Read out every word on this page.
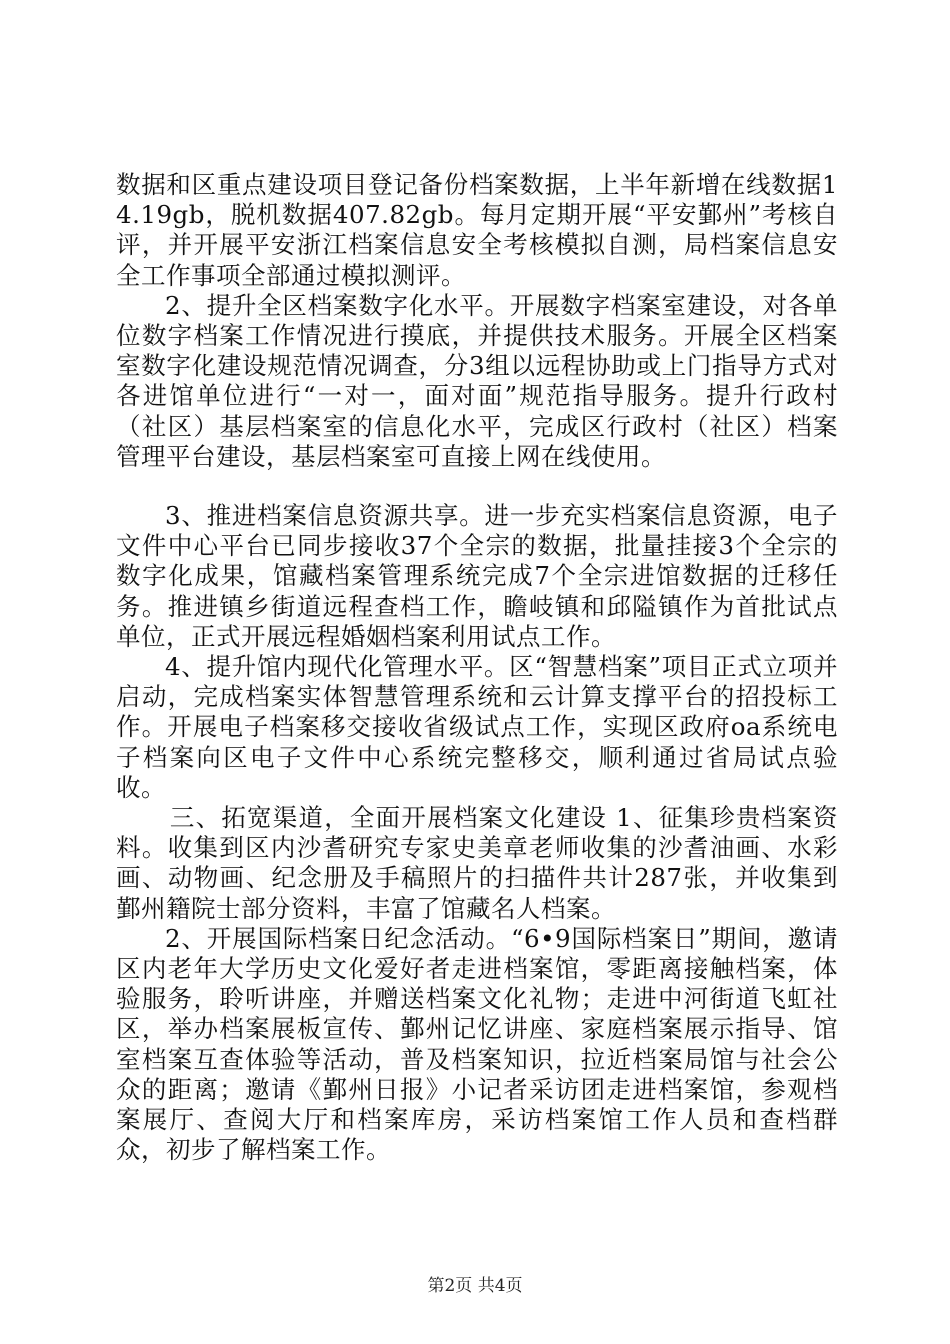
数据和区重点建设项目登记备份档案数据，上半年新增在线数据14.19gb，脱机数据407.82gb。每月定期开展“平安鄞州”考核自评，并开展平安浙江档案信息安全考核模拟自测，局档案信息安全工作事项全部通过模拟测评。

2、提升全区档案数字化水平。开展数字档案室建设，对各单位数字档案工作情况进行摸底，并提供技术服务。开展全区档案室数字化建设规范情况调查，分3组以远程协助或上门指导方式对各进馆单位进行“一对一，面对面”规范指导服务。提升行政村（社区）基层档案室的信息化水平，完成区行政村（社区）档案管理平台建设，基层档案室可直接上网在线使用。

3、推进档案信息资源共享。进一步充实档案信息资源，电子文件中心平台已同步接收37个全宗的数据，批量挂接3个全宗的数字化成果，馆藏档案管理系统完成7个全宗进馆数据的迁移任务。推进镇乡街道远程查档工作，瞻岐镇和邱隘镇作为首批试点单位，正式开展远程婚姻档案利用试点工作。

4、提升馆内现代化管理水平。区“智慧档案”项目正式立项并启动，完成档案实体智慧管理系统和云计算支撑平台的招投标工作。开展电子档案移交接收省级试点工作，实现区政府oa系统电子档案向区电子文件中心系统完整移交，顺利通过省局试点验收。

三、拓宽渠道，全面开展档案文化建设 1、征集珍贵档案资料。收集到区内沙耆研究专家史美章老师收集的沙耆油画、水彩画、动物画、纪念册及手稿照片的扫描件共计287张，并收集到鄞州籍院士部分资料，丰富了馆藏名人档案。

2、开展国际档案日纪念活动。“6•9国际档案日”期间，邀请区内老年大学历史文化爱好者走进档案馆，零距离接触档案，体验服务，聆听讲座，并赠送档案文化礼物；走进中河街道飞虹社区，举办档案展板宣传、鄞州记忆讲座、家庭档案展示指导、馆室档案互查体验等活动，普及档案知识，拉近档案局馆与社会公众的距离；邀请《鄞州日报》小记者采访团走进档案馆，参观档案展厅、查阅大厅和档案库房，采访档案馆工作人员和查档群众，初步了解档案工作。

第2页 共4页
